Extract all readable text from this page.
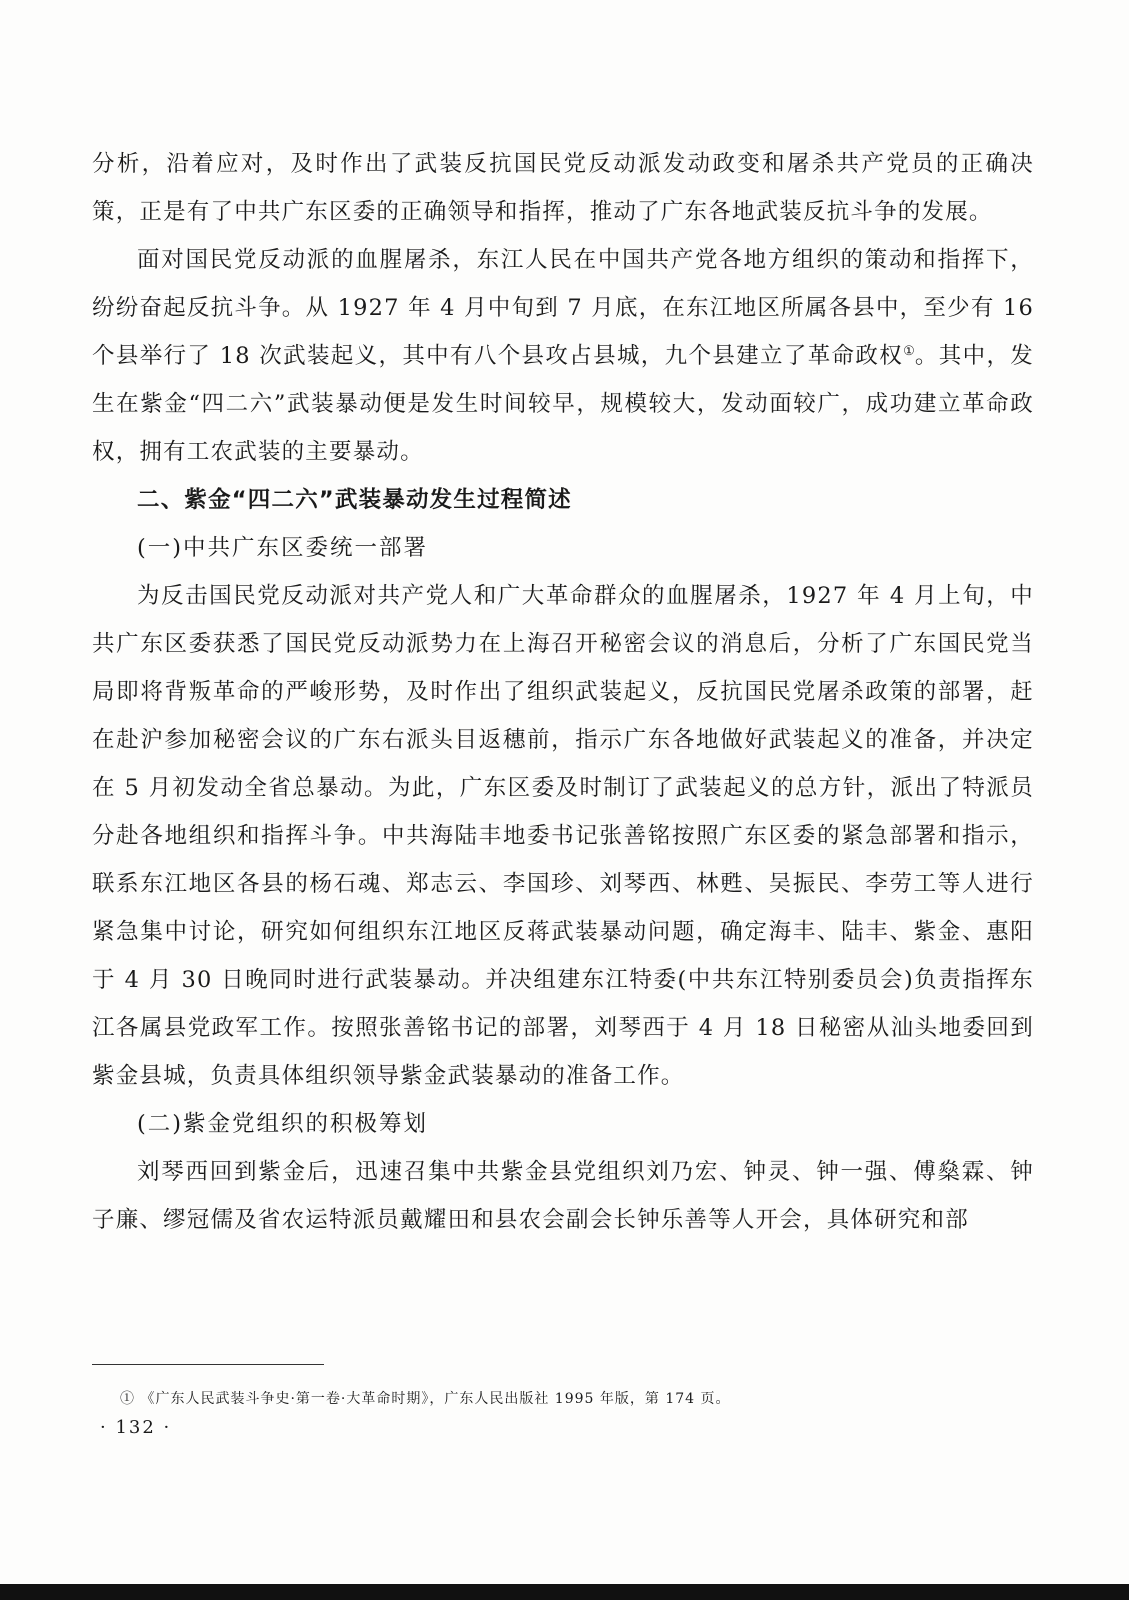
分析，沿着应对，及时作出了武装反抗国民党反动派发动政变和屠杀共产党员的正确决策，正是有了中共广东区委的正确领导和指挥，推动了广东各地武装反抗斗争的发展。

面对国民党反动派的血腥屠杀，东江人民在中国共产党各地方组织的策动和指挥下，纷纷奋起反抗斗争。从 1927 年 4 月中旬到 7 月底，在东江地区所属各县中，至少有 16 个县举行了 18 次武装起义，其中有八个县攻占县城，九个县建立了革命政权①。其中，发生在紫金“四二六”武装暴动便是发生时间较早，规模较大，发动面较广，成功建立革命政权，拥有工农武装的主要暴动。

二、紫金“四二六”武装暴动发生过程简述

(一)中共广东区委统一部署

为反击国民党反动派对共产党人和广大革命群众的血腥屠杀，1927 年 4 月上旬，中共广东区委获悉了国民党反动派势力在上海召开秘密会议的消息后，分析了广东国民党当局即将背叛革命的严峻形势，及时作出了组织武装起义，反抗国民党屠杀政策的部署，赶在赴沪参加秘密会议的广东右派头目返穗前，指示广东各地做好武装起义的准备，并决定在 5 月初发动全省总暴动。为此，广东区委及时制订了武装起义的总方针，派出了特派员分赴各地组织和指挥斗争。中共海陆丰地委书记张善铭按照广东区委的紧急部署和指示，联系东江地区各县的杨石魂、郑志云、李国珍、刘琴西、林甦、吴振民、李劳工等人进行紧急集中讨论，研究如何组织东江地区反蒋武装暴动问题，确定海丰、陆丰、紫金、惠阳于 4 月 30 日晚同时进行武装暴动。并决组建东江特委(中共东江特别委员会)负责指挥东江各属县党政军工作。按照张善铭书记的部署，刘琴西于 4 月 18 日秘密从汕头地委回到紫金县城，负责具体组织领导紫金武装暴动的准备工作。

(二)紫金党组织的积极筹划

刘琴西回到紫金后，迅速召集中共紫金县党组织刘乃宏、钟灵、钟一强、傅燊霖、钟子廉、缪冠儒及省农运特派员戴耀田和县农会副会长钟乐善等人开会，具体研究和部

① 《广东人民武装斗争史·第一卷·大革命时期》，广东人民出版社 1995 年版，第 174 页。
· 132 ·
